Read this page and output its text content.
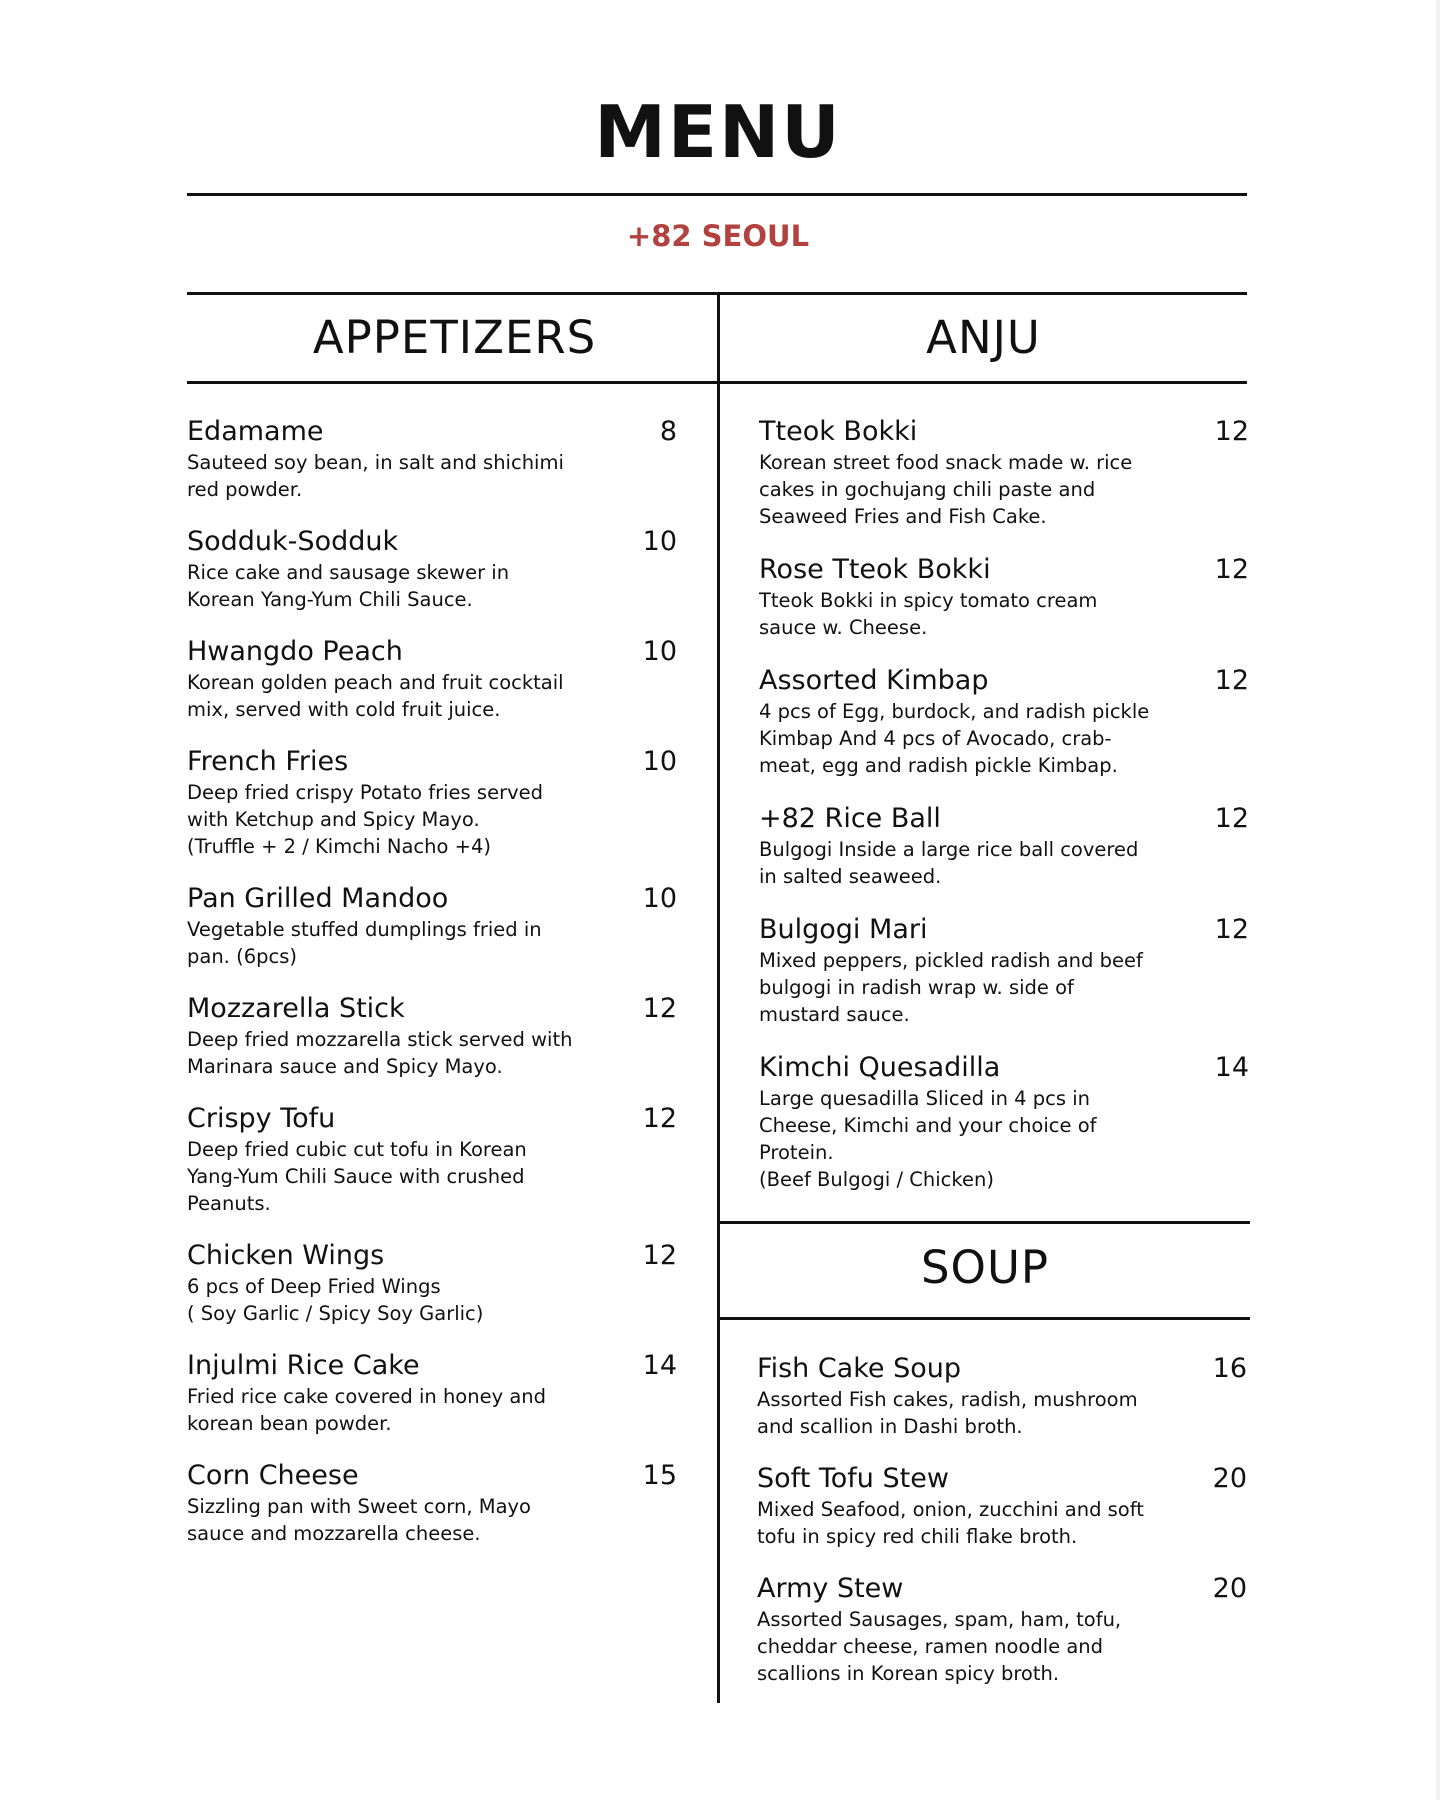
MENU
+82 SEOUL
APPETIZERS	ANJU
Edamame	8
Sauteed soy bean, in salt and shichimi
red powder.
Sodduk-Sodduk	10
Rice cake and sausage skewer in
Korean Yang-Yum Chili Sauce.
Hwangdo Peach	10
Korean golden peach and fruit cocktail
mix, served with cold fruit juice.
French Fries	10
Deep fried crispy Potato fries served
with Ketchup and Spicy Mayo.
(Truffle + 2 / Kimchi Nacho +4)
Pan Grilled Mandoo	10
Vegetable stuffed dumplings fried in
pan. (6pcs)
Mozzarella Stick	12
Deep fried mozzarella stick served with
Marinara sauce and Spicy Mayo.
Crispy Tofu	12
Deep fried cubic cut tofu in Korean
Yang-Yum Chili Sauce with crushed
Peanuts.
Chicken Wings	12
6 pcs of Deep Fried Wings
( Soy Garlic / Spicy Soy Garlic)
Injulmi Rice Cake	14
Fried rice cake covered in honey and
korean bean powder.
Corn Cheese	15
Sizzling pan with Sweet corn, Mayo
sauce and mozzarella cheese.
Tteok Bokki	12
Korean street food snack made w. rice
cakes in gochujang chili paste and
Seaweed Fries and Fish Cake.
Rose Tteok Bokki	12
Tteok Bokki in spicy tomato cream
sauce w. Cheese.
Assorted Kimbap	12
4 pcs of Egg, burdock, and radish pickle
Kimbap And 4 pcs of Avocado, crab-
meat, egg and radish pickle Kimbap.
+82 Rice Ball	12
Bulgogi Inside a large rice ball covered
in salted seaweed.
Bulgogi Mari	12
Mixed peppers, pickled radish and beef
bulgogi in radish wrap w. side of
mustard sauce.
Kimchi Quesadilla	14
Large quesadilla Sliced in 4 pcs in
Cheese, Kimchi and your choice of
Protein.
(Beef Bulgogi / Chicken)
SOUP
Fish Cake Soup	16
Assorted Fish cakes, radish, mushroom
and scallion in Dashi broth.
Soft Tofu Stew	20
Mixed Seafood, onion, zucchini and soft
tofu in spicy red chili flake broth.
Army Stew	20
Assorted Sausages, spam, ham, tofu,
cheddar cheese, ramen noodle and
scallions in Korean spicy broth.
